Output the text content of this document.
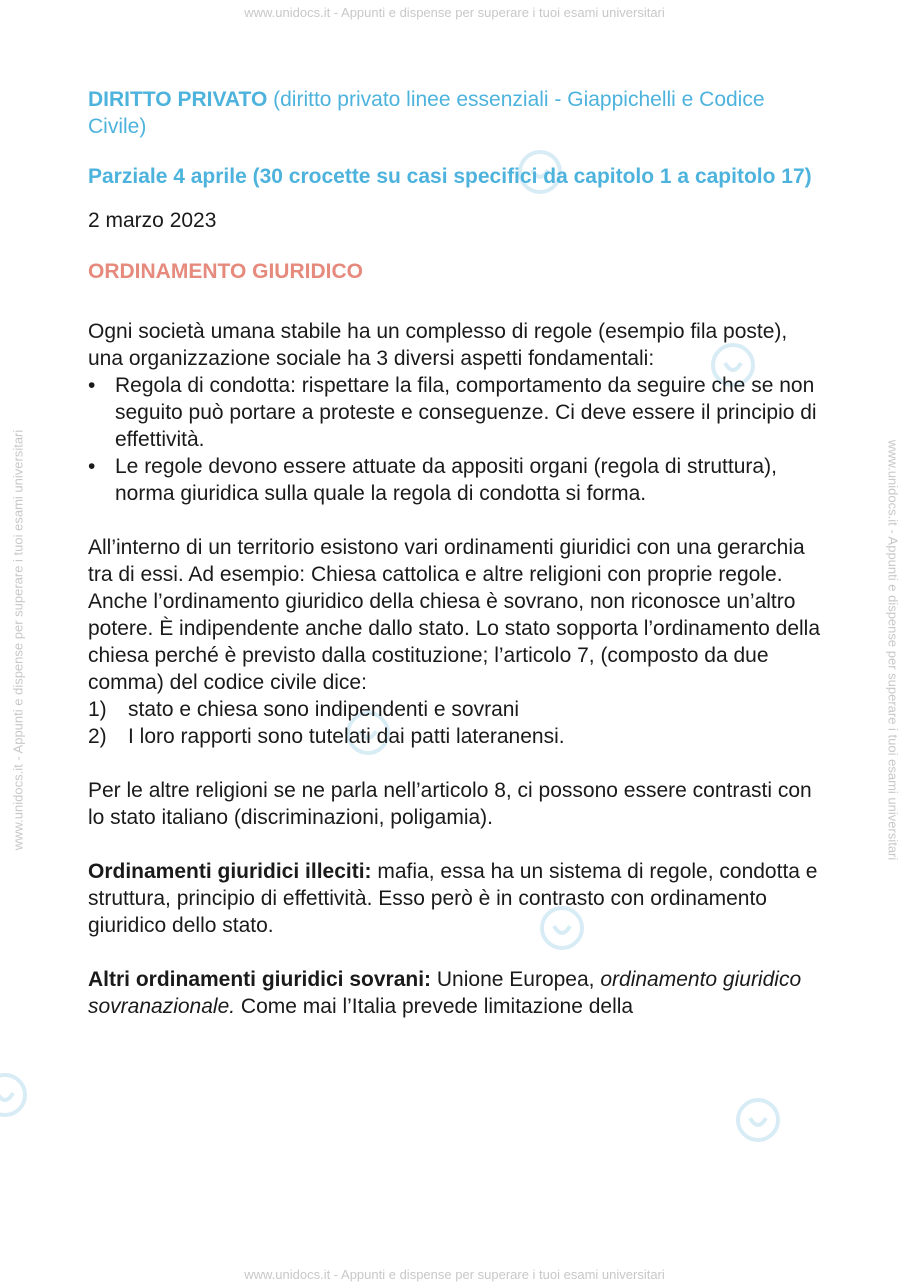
www.unidocs.it - Appunti e dispense per superare i tuoi esami universitari
www.unidocs.it - Appunti e dispense per superare i tuoi esami universitari
www.unidocs.it - Appunti e dispense per superare i tuoi esami universitari	www.unidocs.it - Appunti e dispense per superare i tuoi esami universitari
DIRITTO PRIVATO (diritto privato linee essenziali - Giappichelli e Codice Civile)
Parziale 4 aprile (30 crocette su casi specifici da capitolo 1 a capitolo 17)
2 marzo 2023
ORDINAMENTO GIURIDICO

Ogni società umana stabile ha un complesso di regole (esempio fila poste), una organizzazione sociale ha 3 diversi aspetti fondamentali:

• Regola di condotta: rispettare la fila, comportamento da seguire che se non seguito può portare a proteste e conseguenze. Ci deve essere il principio di effettività.
• Le regole devono essere attuate da appositi organi (regola di struttura), norma giuridica sulla quale la regola di condotta si forma.

All’interno di un territorio esistono vari ordinamenti giuridici con una gerarchia tra di essi. Ad esempio: Chiesa cattolica e altre religioni con proprie regole.

Anche l’ordinamento giuridico della chiesa è sovrano, non riconosce un’altro potere. È indipendente anche dallo stato. Lo stato sopporta l’ordinamento della chiesa perché è previsto dalla costituzione; l’articolo 7, (composto da due comma) del codice civile dice:

1) stato e chiesa sono indipendenti e sovrani
2) I loro rapporti sono tutelati dai patti lateranensi.

Per le altre religioni se ne parla nell’articolo 8, ci possono essere contrasti con lo stato italiano (discriminazioni, poligamia).

Ordinamenti giuridici illeciti: mafia, essa ha un sistema di regole, condotta e struttura, principio di effettività. Esso però è in contrasto con ordinamento giuridico dello stato.

Altri ordinamenti giuridici sovrani: Unione Europea, ordinamento giuridico sovranazionale. Come mai l’Italia prevede limitazione della
